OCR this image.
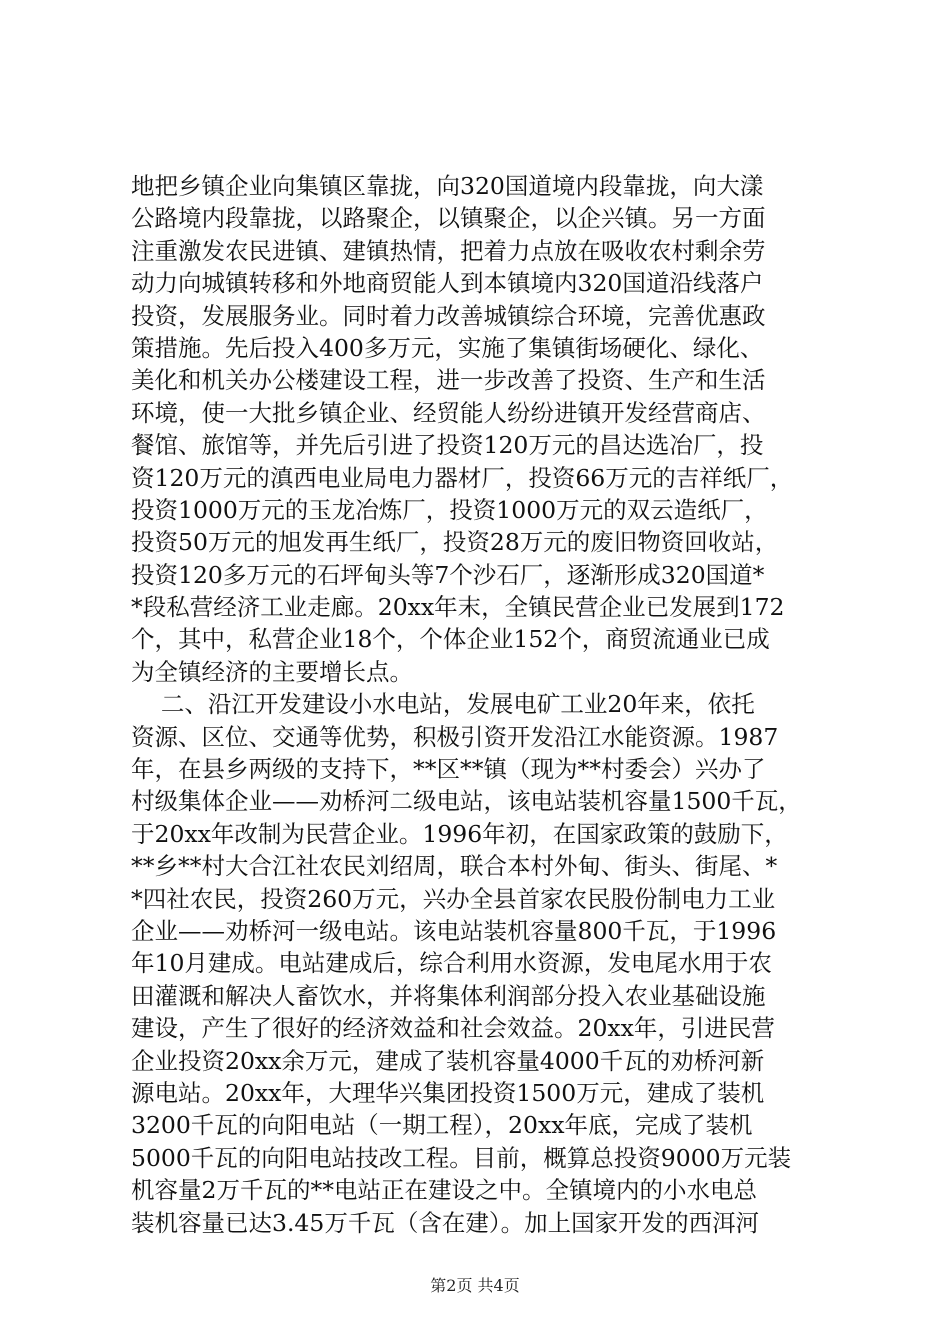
地把乡镇企业向集镇区靠拢，向320国道境内段靠拢，向大漾
公路境内段靠拢，以路聚企，以镇聚企，以企兴镇。另一方面
注重激发农民进镇、建镇热情，把着力点放在吸收农村剩余劳
动力向城镇转移和外地商贸能人到本镇境内320国道沿线落户
投资，发展服务业。同时着力改善城镇综合环境，完善优惠政
策措施。先后投入400多万元，实施了集镇街场硬化、绿化、
美化和机关办公楼建设工程，进一步改善了投资、生产和生活
环境，使一大批乡镇企业、经贸能人纷纷进镇开发经营商店、
餐馆、旅馆等，并先后引进了投资120万元的昌达选冶厂，投
资120万元的滇西电业局电力器材厂，投资66万元的吉祥纸厂，
投资1000万元的玉龙冶炼厂，投资1000万元的双云造纸厂，
投资50万元的旭发再生纸厂，投资28万元的废旧物资回收站，
投资120多万元的石坪甸头等7个沙石厂，逐渐形成320国道*
*段私营经济工业走廊。20xx年末，全镇民营企业已发展到172
个，其中，私营企业18个，个体企业152个，商贸流通业已成
为全镇经济的主要增长点。
二、沿江开发建设小水电站，发展电矿工业20年来，依托
资源、区位、交通等优势，积极引资开发沿江水能资源。1987
年，在县乡两级的支持下，**区**镇（现为**村委会）兴办了
村级集体企业——劝桥河二级电站，该电站装机容量1500千瓦，
于20xx年改制为民营企业。1996年初，在国家政策的鼓励下，
**乡**村大合江社农民刘绍周，联合本村外甸、街头、街尾、*
*四社农民，投资260万元，兴办全县首家农民股份制电力工业
企业——劝桥河一级电站。该电站装机容量800千瓦，于1996
年10月建成。电站建成后，综合利用水资源，发电尾水用于农
田灌溉和解决人畜饮水，并将集体利润部分投入农业基础设施
建设，产生了很好的经济效益和社会效益。20xx年，引进民营
企业投资20xx余万元，建成了装机容量4000千瓦的劝桥河新
源电站。20xx年，大理华兴集团投资1500万元，建成了装机
3200千瓦的向阳电站（一期工程），20xx年底，完成了装机
5000千瓦的向阳电站技改工程。目前，概算总投资9000万元装
机容量2万千瓦的**电站正在建设之中。全镇境内的小水电总
装机容量已达3.45万千瓦（含在建）。加上国家开发的西洱河
第2页 共4页
